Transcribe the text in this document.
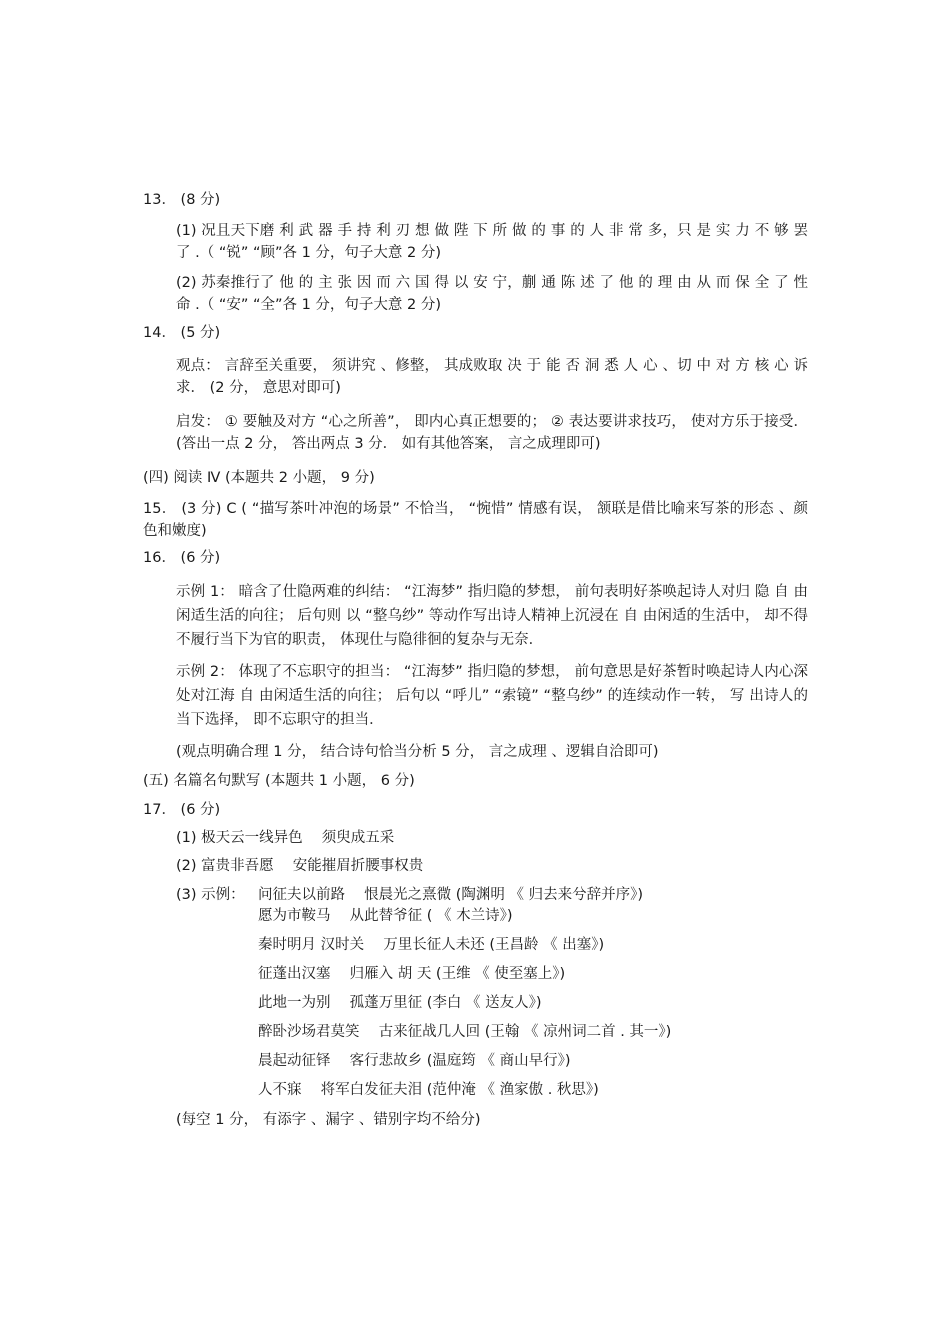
13． (8 分)
(1) 况且天下磨 利 武 器 手 持 利 刃 想 做 陛 下 所 做 的 事 的 人 非 常 多，只 是 实 力 不 够 罢 了 .（ “锐” “顾”各 1 分，句子大意 2 分)
(2) 苏秦推行了 他 的 主 张 因 而 六 国 得 以 安 宁，蒯 通 陈 述 了 他 的 理 由 从 而 保 全 了 性 命 .（ “安” “全”各 1 分，句子大意 2 分)
14． (5 分)
观点： 言辞至关重要， 须讲究 、修整， 其成败取 决 于 能 否 洞 悉 人 心 、切 中 对 方 核 心 诉求． (2 分， 意思对即可)
启发： ① 要触及对方 “心之所善”， 即内心真正想要的； ② 表达要讲求技巧， 使对方乐于接受． (答出一点 2 分， 答出两点 3 分． 如有其他答案， 言之成理即可)
(四) 阅读 Ⅳ (本题共 2 小题， 9 分)
15． (3 分) C ( “描写茶叶冲泡的场景” 不恰当， “惋惜” 情感有误， 颔联是借比喻来写茶的形态 、颜色和嫩度)
16． (6 分)
示例 1： 暗含了仕隐两难的纠结： “江海梦” 指归隐的梦想， 前句表明好茶唤起诗人对归 隐 自 由闲适生活的向往； 后句则 以 “整乌纱” 等动作写出诗人精神上沉浸在 自 由闲适的生活中， 却不得不履行当下为官的职责， 体现仕与隐徘徊的复杂与无奈．
示例 2： 体现了不忘职守的担当： “江海梦” 指归隐的梦想， 前句意思是好茶暂时唤起诗人内心深处对江海 自 由闲适生活的向往； 后句以 “呼儿” “索镜” “整乌纱” 的连续动作一转， 写 出诗人的当下选择， 即不忘职守的担当．
(观点明确合理 1 分， 结合诗句恰当分析 5 分， 言之成理 、逻辑自洽即可)
(五) 名篇名句默写 (本题共 1 小题， 6 分)
17． (6 分)
(1) 极天云一线异色　 须臾成五采
(2) 富贵非吾愿　 安能摧眉折腰事权贵
(3) 示例： 问征夫以前路　 恨晨光之熹微 (陶渊明 《 归去来兮辞并序》)
愿为市鞍马　 从此替爷征 ( 《 木兰诗》)
秦时明月 汉时关　 万里长征人未还 (王昌龄 《 出塞》)
征蓬出汉塞　 归雁入 胡 天 (王维 《 使至塞上》)
此地一为别　 孤蓬万里征 (李白 《 送友人》)
醉卧沙场君莫笑　 古来征战几人回 (王翰 《 凉州词二首 . 其一》)
晨起动征铎　 客行悲故乡 (温庭筠 《 商山早行》)
人不寐　 将军白发征夫泪 (范仲淹 《 渔家傲 . 秋思》)
(每空 1 分， 有添字 、漏字 、错别字均不给分)
